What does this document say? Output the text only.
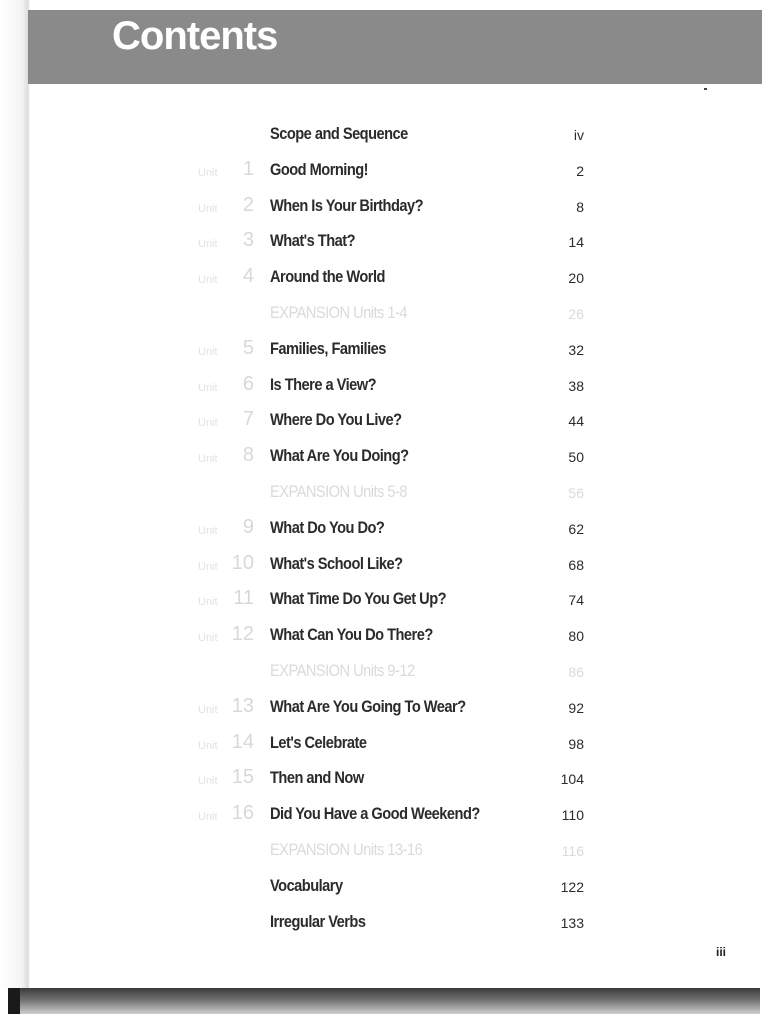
Contents
Scope and Sequence	iv
Unit	1 Good Morning!	2
Unit	2 When Is Your Birthday?	8
Unit	3 What's That?	14
Unit	4 Around the World	20
EXPANSION Units 1-4	26
Unit	5 Families, Families	32
Unit	6 Is There a View?	38
Unit	7 Where Do You Live?	44
Unit	8 What Are You Doing?	50
EXPANSION Units 5-8	56
Unit	9 What Do You Do?	62
Unit 10 What's School Like?	68
Unit 11 What Time Do You Get Up?	74
Unit 12 What Can You Do There?	80
EXPANSION Units 9-12	86
Unit 13 What Are You Going To Wear?	92
Unit 14 Let's Celebrate	98
Unit 15 Then and Now	104
Unit 16 Did You Have a Good Weekend?	110
EXPANSION Units 13-16	116
Vocabulary	122
Irregular Verbs	133
iii
